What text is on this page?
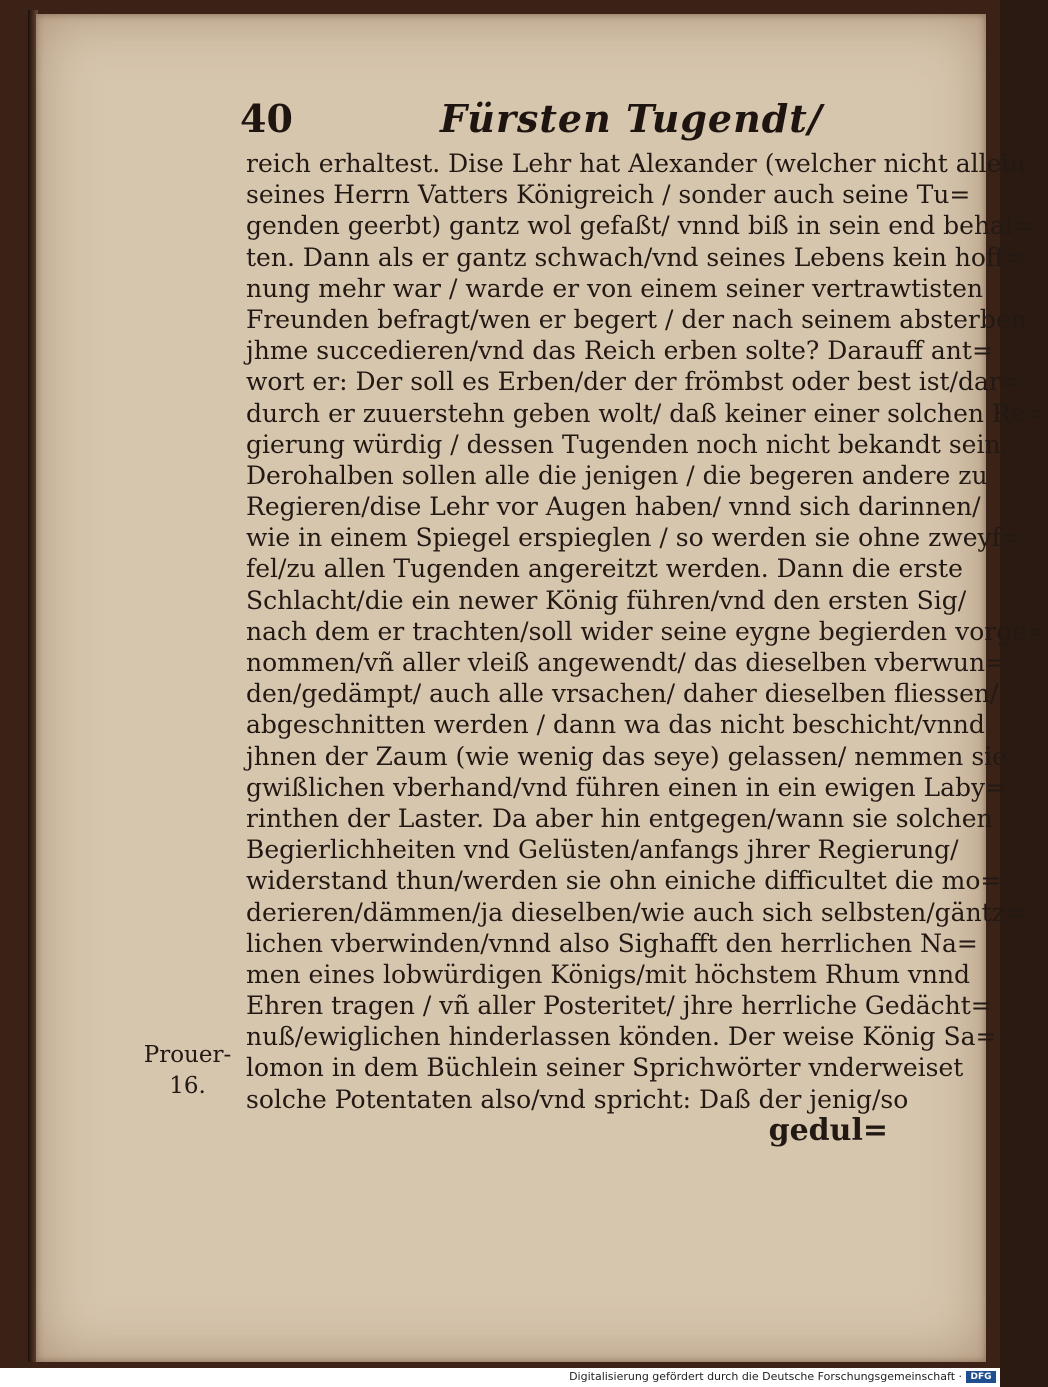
40	Fürsten Tugendt/
reich erhaltest. Dise Lehr hat Alexander (welcher nicht allein
seines Herrn Vatters Königreich / sonder auch seine Tu=
genden geerbt) gantz wol gefaßt/ vnnd biß in sein end behal=
ten. Dann als er gantz schwach/vnd seines Lebens kein hoff=
nung mehr war / warde er von einem seiner vertrawtisten
Freunden befragt/wen er begert / der nach seinem absterben
jhme succedieren/vnd das Reich erben solte? Darauff ant=
wort er: Der soll es Erben/der der frömbst oder best ist/dar=
durch er zuuerstehn geben wolt/ daß keiner einer solchen Re=
gierung würdig / dessen Tugenden noch nicht bekandt sein.
Derohalben sollen alle die jenigen / die begeren andere zu
Regieren/dise Lehr vor Augen haben/ vnnd sich darinnen/
wie in einem Spiegel erspieglen / so werden sie ohne zweyf=
fel/zu allen Tugenden angereitzt werden. Dann die erste
Schlacht/die ein newer König führen/vnd den ersten Sig/
nach dem er trachten/soll wider seine eygne begierden vorge=
nommen/vñ aller vleiß angewendt/ das dieselben vberwun=
den/gedämpt/ auch alle vrsachen/ daher dieselben fliessen/
abgeschnitten werden / dann wa das nicht beschicht/vnnd
jhnen der Zaum (wie wenig das seye) gelassen/ nemmen sie
gwißlichen vberhand/vnd führen einen in ein ewigen Laby=
rinthen der Laster. Da aber hin entgegen/wann sie solchen
Begierlichheiten vnd Gelüsten/anfangs jhrer Regierung/
widerstand thun/werden sie ohn einiche difficultet die mo=
derieren/dämmen/ja dieselben/wie auch sich selbsten/gäntz=
lichen vberwinden/vnnd also Sighafft den herrlichen Na=
men eines lobwürdigen Königs/mit höchstem Rhum vnnd
Ehren tragen / vñ aller Posteritet/ jhre herrliche Gedächt=
nuß/ewiglichen hinderlassen könden. Der weise König Sa=
lomon in dem Büchlein seiner Sprichwörter vnderweiset
solche Potentaten also/vnd spricht: Daß der jenig/so
gedul=
Prouer-
16.
Digitalisierung gefördert durch die Deutsche Forschungsgemeinschaft · DFG
